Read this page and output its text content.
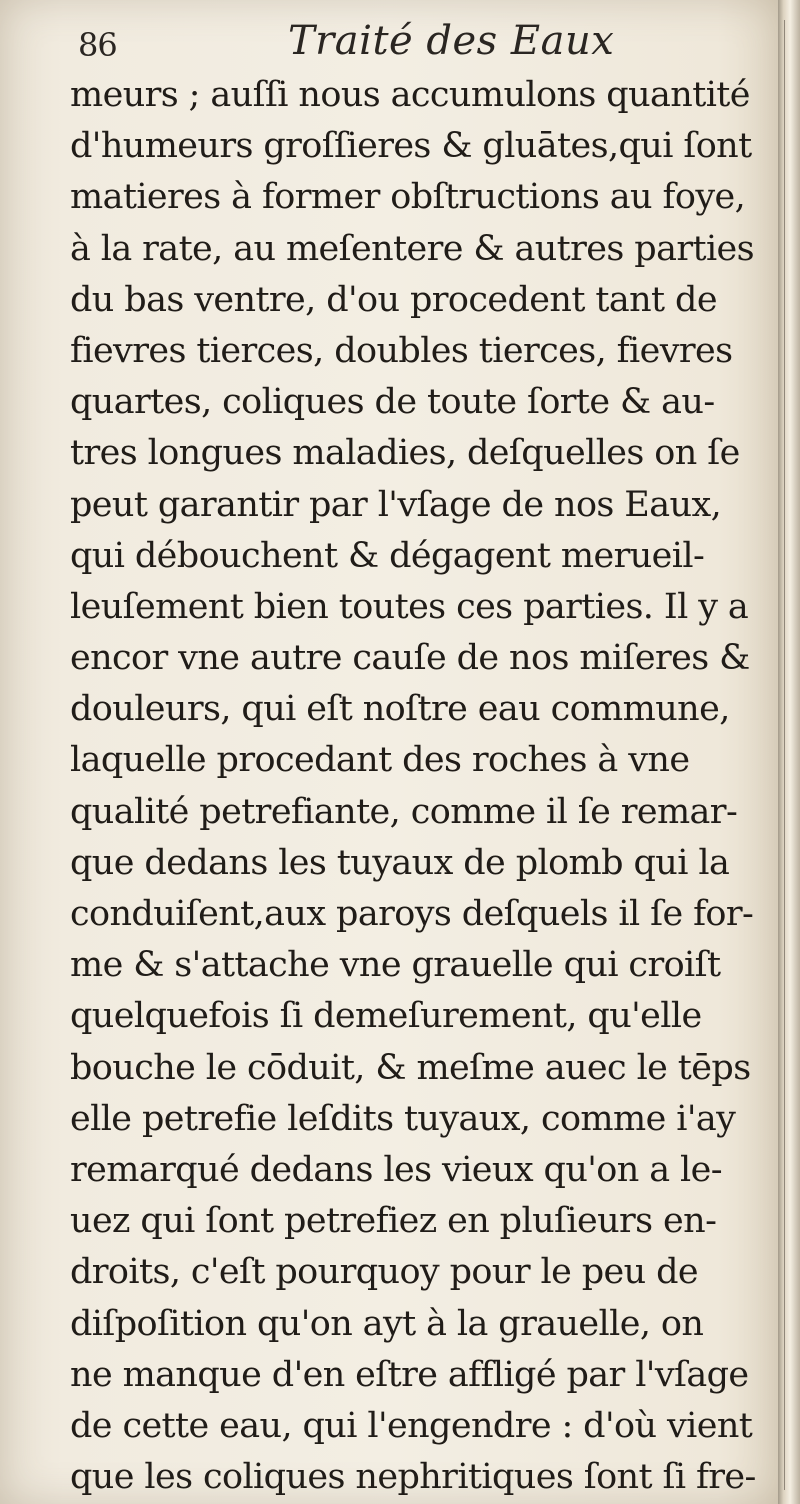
86	Traité des Eaux
meurs ; auſſi nous accumulons quantité
d'humeurs groſſieres & gluātes,qui ſont
matieres à former obſtructions au foye,
à la rate, au meſentere & autres parties
du bas ventre, d'ou procedent tant de
fievres tierces, doubles tierces, fievres
quartes, coliques de toute ſorte & au-
tres longues maladies, deſquelles on ſe
peut garantir par l'vſage de nos Eaux,
qui débouchent & dégagent merueil-
leuſement bien toutes ces parties. Il y a
encor vne autre cauſe de nos miſeres &
douleurs, qui eſt noſtre eau commune,
laquelle procedant des roches à vne
qualité petrefiante, comme il ſe remar-
que dedans les tuyaux de plomb qui la
conduiſent,aux paroys deſquels il ſe for-
me & s'attache vne grauelle qui croiſt
quelquefois ſi demeſurement, qu'elle
bouche le cōduit, & meſme auec le tēps
elle petrefie leſdits tuyaux, comme i'ay
remarqué dedans les vieux qu'on a le-
uez qui ſont petrefiez en pluſieurs en-
droits, c'eſt pourquoy pour le peu de
diſpoſition qu'on ayt à la grauelle, on
ne manque d'en eſtre affligé par l'vſage
de cette eau, qui l'engendre : d'où vient
que les coliques nephritiques ſont ſi fre-
